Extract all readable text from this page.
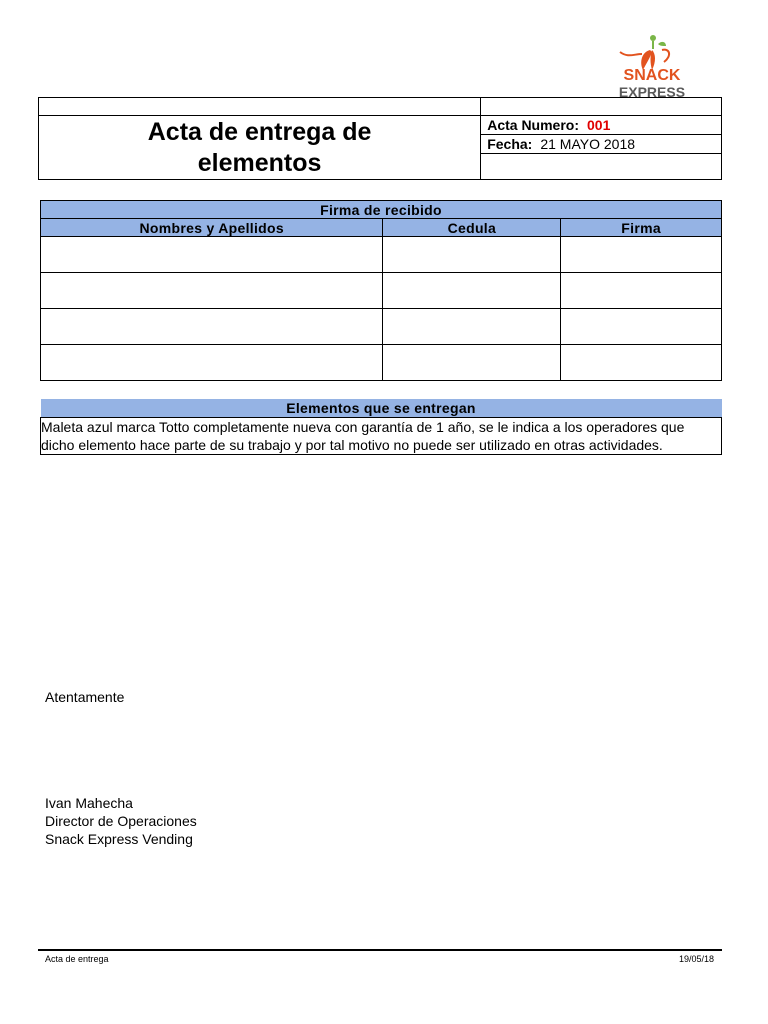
SNACK
EXPRESS

Acta de entrega de
elementos	Acta Numero: 001
	Fecha: 21 MAYO 2018

Firma de recibido		
Nombres y Apellidos	Cedula	Firma

Elementos que se entregan
Maleta azul marca Totto completamente nueva con garantía de 1 año, se le indica a los operadores que dicho elemento hace parte de su trabajo y por tal motivo no puede ser utilizado en otras actividades.
Atentamente
Ivan Mahecha
Director de Operaciones
Snack Express Vending
Acta de entrega	19/05/18
